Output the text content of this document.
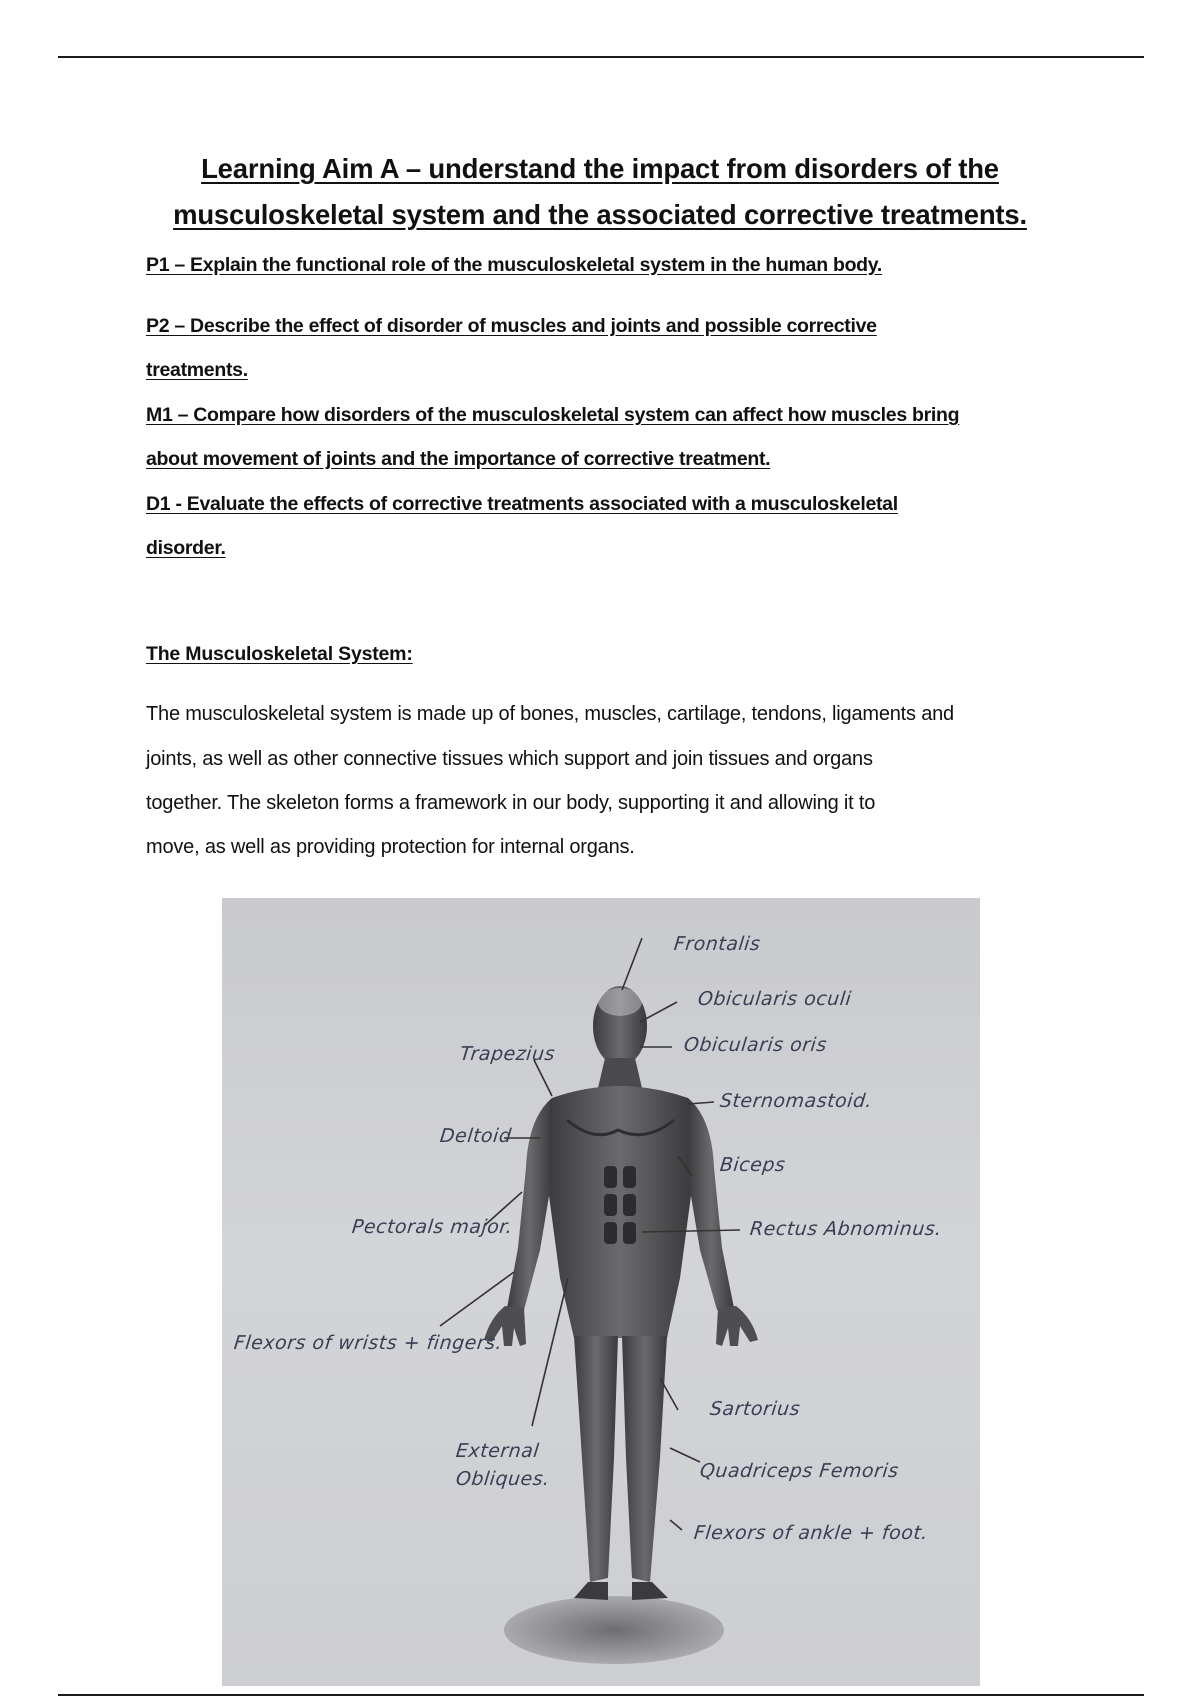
Learning Aim A – understand the impact from disorders of the
musculoskeletal system and the associated corrective treatments.
P1 – Explain the functional role of the musculoskeletal system in the human body.
P2 – Describe the effect of disorder of muscles and joints and possible corrective
treatments.
M1 – Compare how disorders of the musculoskeletal system can affect how muscles bring
about movement of joints and the importance of corrective treatment.
D1 - Evaluate the effects of corrective treatments associated with a musculoskeletal
disorder.
The Musculoskeletal System:
The musculoskeletal system is made up of bones, muscles, cartilage, tendons, ligaments and
joints, as well as other connective tissues which support and join tissues and organs
together. The skeleton forms a framework in our body, supporting it and allowing it to
move, as well as providing protection for internal organs.
Frontalis
Obicularis oculi
Obicularis oris
Trapezius
Sternomastoid.
Deltoid
Biceps
Pectorals major.	Rectus Abnominus.
Flexors of wrists + fingers.
Sartorius
External
Obliques.	Quadriceps Femoris
Flexors of ankle + foot.
